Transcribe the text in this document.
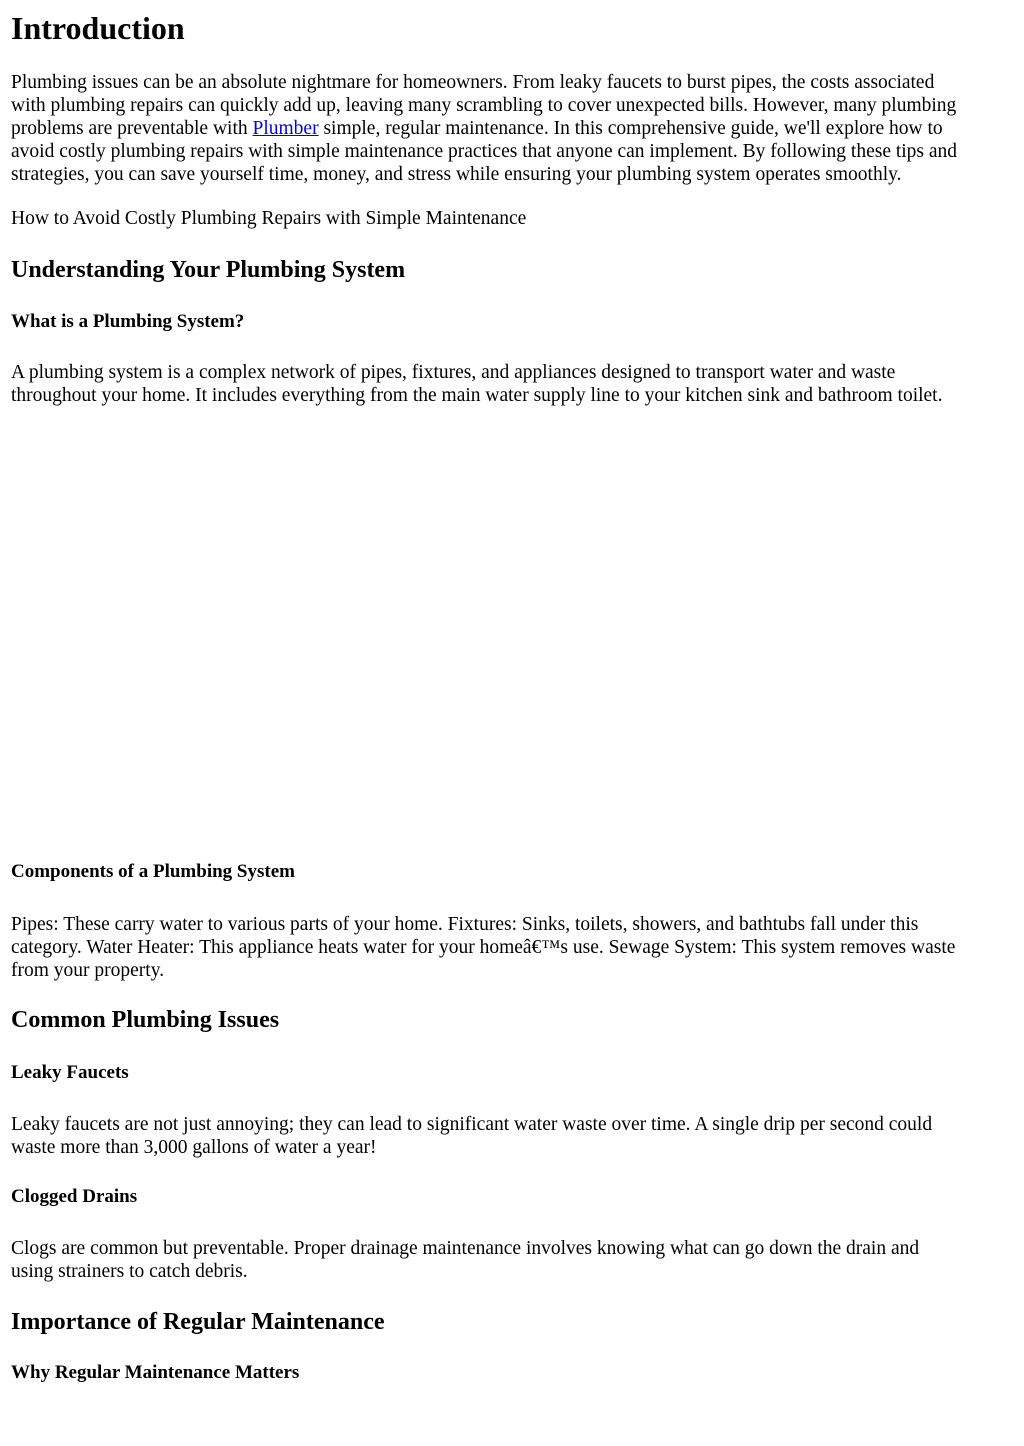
Introduction
Plumbing issues can be an absolute nightmare for homeowners. From leaky faucets to burst pipes, the costs associated
with plumbing repairs can quickly add up, leaving many scrambling to cover unexpected bills. However, many plumbing
problems are preventable with Plumber simple, regular maintenance. In this comprehensive guide, we'll explore how to
avoid costly plumbing repairs with simple maintenance practices that anyone can implement. By following these tips and
strategies, you can save yourself time, money, and stress while ensuring your plumbing system operates smoothly.
How to Avoid Costly Plumbing Repairs with Simple Maintenance
Understanding Your Plumbing System
What is a Plumbing System?
A plumbing system is a complex network of pipes, fixtures, and appliances designed to transport water and waste
throughout your home. It includes everything from the main water supply line to your kitchen sink and bathroom toilet.
Components of a Plumbing System
Pipes: These carry water to various parts of your home. Fixtures: Sinks, toilets, showers, and bathtubs fall under this
category. Water Heater: This appliance heats water for your homeâ€™s use. Sewage System: This system removes waste
from your property.
Common Plumbing Issues
Leaky Faucets
Leaky faucets are not just annoying; they can lead to significant water waste over time. A single drip per second could
waste more than 3,000 gallons of water a year!
Clogged Drains
Clogs are common but preventable. Proper drainage maintenance involves knowing what can go down the drain and
using strainers to catch debris.
Importance of Regular Maintenance
Why Regular Maintenance Matters
